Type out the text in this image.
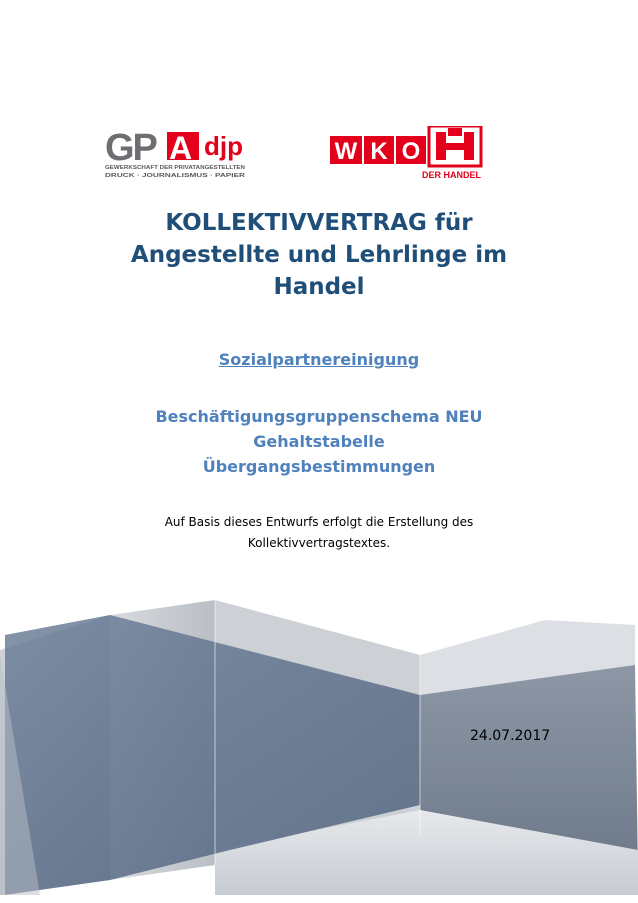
GP A djp
GEWERKSCHAFT DER PRIVATANGESTELLTEN
DRUCK · JOURNALISMUS · PAPIER
W K O
DER HANDEL
KOLLEKTIVVERTRAG für
Angestellte und Lehrlinge im
Handel
Sozialpartnereinigung
Beschäftigungsgruppenschema NEU
Gehaltstabelle
Übergangsbestimmungen
Auf Basis dieses Entwurfs erfolgt die Erstellung des
Kollektivvertragstextes.
24.07.2017
